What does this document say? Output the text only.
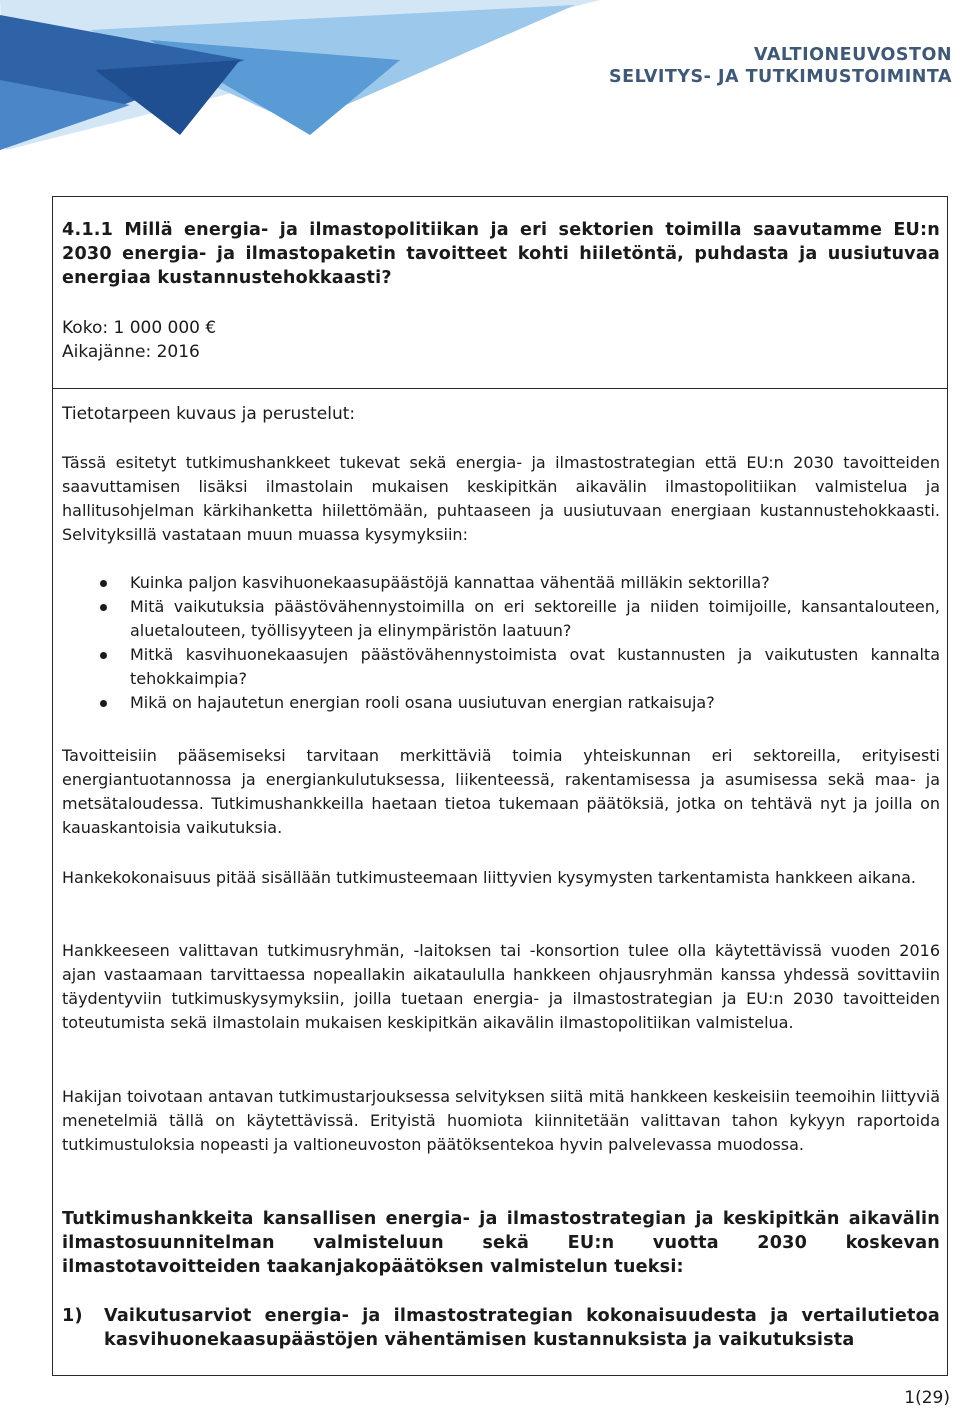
VALTIONEUVOSTON
SELVITYS- JA TUTKIMUSTOIMINTA
4.1.1 Millä energia- ja ilmastopolitiikan ja eri sektorien toimilla saavutamme EU:n 2030 energia- ja ilmastopaketin tavoitteet kohti hiiletöntä, puhdasta ja uusiutuvaa energiaa kustannustehokkaasti?
Koko: 1 000 000 €
Aikajänne: 2016
Tietotarpeen kuvaus ja perustelut:

Tässä esitetyt tutkimushankkeet tukevat sekä energia- ja ilmastostrategian että EU:n 2030 tavoitteiden saavuttamisen lisäksi ilmastolain mukaisen keskipitkän aikavälin ilmastopolitiikan valmistelua ja hallitusohjelman kärkihanketta hiilettömään, puhtaaseen ja uusiutuvaan energiaan kustannustehokkaasti. Selvityksillä vastataan muun muassa kysymyksiin:

Kuinka paljon kasvihuonekaasupäästöjä kannattaa vähentää milläkin sektorilla?
Mitä vaikutuksia päästövähennystoimilla on eri sektoreille ja niiden toimijoille, kansantalouteen, aluetalouteen, työllisyyteen ja elinympäristön laatuun?
Mitkä kasvihuonekaasujen päästövähennystoimista ovat kustannusten ja vaikutusten kannalta tehokkaimpia?
Mikä on hajautetun energian rooli osana uusiutuvan energian ratkaisuja?

Tavoitteisiin pääsemiseksi tarvitaan merkittäviä toimia yhteiskunnan eri sektoreilla, erityisesti energiantuotannossa ja energiankulutuksessa, liikenteessä, rakentamisessa ja asumisessa sekä maa- ja metsätaloudessa. Tutkimushankkeilla haetaan tietoa tukemaan päätöksiä, jotka on tehtävä nyt ja joilla on kauaskantoisia vaikutuksia.

Hankekokonaisuus pitää sisällään tutkimusteemaan liittyvien kysymysten tarkentamista hankkeen aikana.

Hankkeeseen valittavan tutkimusryhmän, -laitoksen tai -konsortion tulee olla käytettävissä vuoden 2016 ajan vastaamaan tarvittaessa nopeallakin aikataululla hankkeen ohjausryhmän kanssa yhdessä sovittaviin täydentyviin tutkimuskysymyksiin, joilla tuetaan energia- ja ilmastostrategian ja EU:n 2030 tavoitteiden toteutumista sekä ilmastolain mukaisen keskipitkän aikavälin ilmastopolitiikan valmistelua.

Hakijan toivotaan antavan tutkimustarjouksessa selvityksen siitä mitä hankkeen keskeisiin teemoihin liittyviä menetelmiä tällä on käytettävissä. Erityistä huomiota kiinnitetään valittavan tahon kykyyn raportoida tutkimustuloksia nopeasti ja valtioneuvoston päätöksentekoa hyvin palvelevassa muodossa.

Tutkimushankkeita kansallisen energia- ja ilmastostrategian ja keskipitkän aikavälin ilmastosuunnitelman valmisteluun sekä EU:n vuotta 2030 koskevan ilmastotavoitteiden taakanjakopäätöksen valmistelun tueksi:
1)	Vaikutusarviot energia- ja ilmastostrategian kokonaisuudesta ja vertailutietoa kasvihuonekaasupäästöjen vähentämisen kustannuksista ja vaikutuksista
1(29)
